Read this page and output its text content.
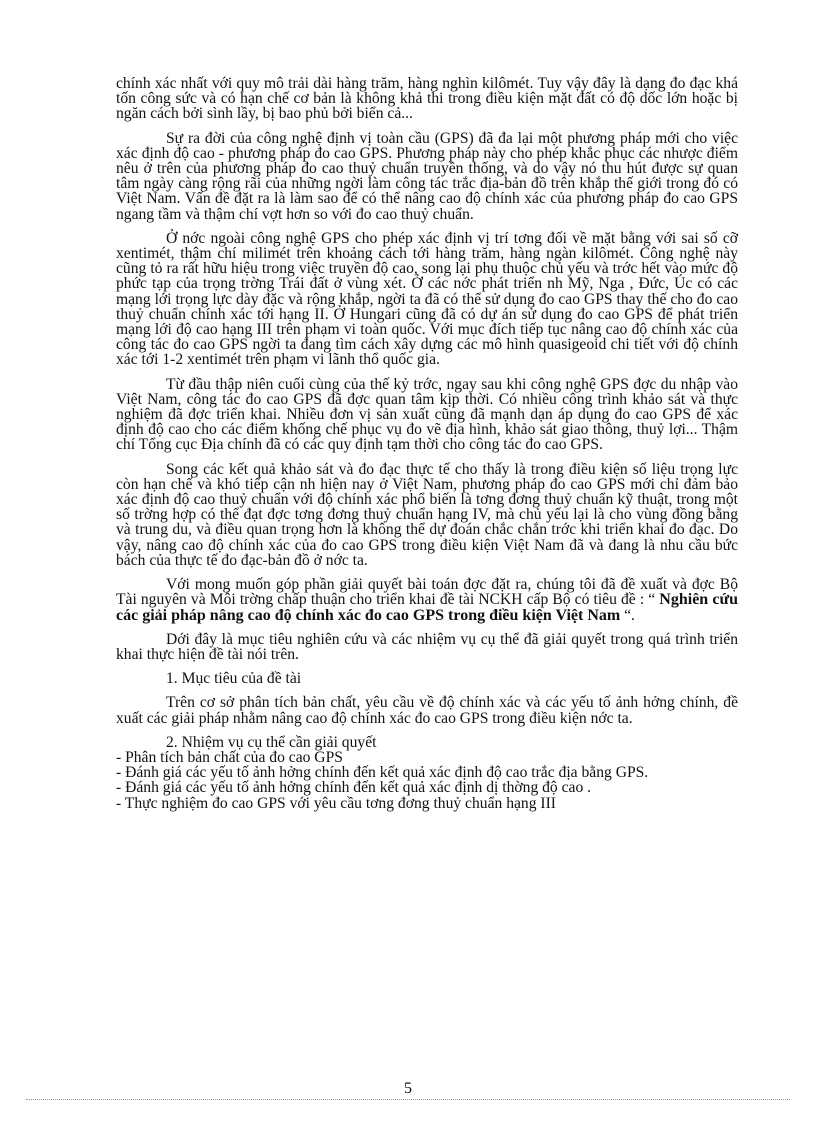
chính xác nhất với quy mô trải dài hàng trăm, hàng nghìn kilômét. Tuy vậy đây là dạng đo đạc khá tốn công sức và có hạn chế cơ bản là không khả thi trong điều kiện mặt đất có độ dốc lớn hoặc bị ngăn cách bởi sình lầy, bị bao phủ bởi biển cả...

Sự ra đời của công nghệ định vị toàn cầu (GPS) đã đa lại một phương pháp mới cho việc xác định độ cao - phương pháp đo cao GPS. Phương pháp này cho phép khắc phục các nhược điểm nêu ở trên của phương pháp đo cao thuỷ chuẩn truyền thống, và do vậy nó thu hút được sự quan tâm ngày càng rộng rãi của những ngời làm công tác trắc địa-bản đồ trên khắp thế giới trong đó có Việt Nam. Vấn đề đặt ra là làm sao để có thể nâng cao độ chính xác của phương pháp đo cao GPS ngang tầm và thậm chí vợt hơn so với đo cao thuỷ chuẩn.

Ở nớc ngoài công nghệ GPS cho phép xác định vị trí tơng đối về mặt bằng với sai số cỡ xentimét, thậm chí milimét trên khoảng cách tới hàng trăm, hàng ngàn kilômét. Công nghệ này cũng tỏ ra rất hữu hiệu trong việc truyền độ cao, song lại phụ thuộc chủ yếu và trớc hết vào mức độ phức tạp của trọng trờng Trái đất ở vùng xét. Ở các nớc phát triển nh Mỹ, Nga , Đức, Úc có các mạng lới trọng lực dày đặc và rộng khắp, ngời ta đã có thể sử dụng đo cao GPS thay thế cho đo cao thuỷ chuẩn chính xác tới hạng II. Ở Hungari cũng đã có dự án sử dụng đo cao GPS để phát triển mạng lới độ cao hạng III trên phạm vi toàn quốc. Với mục đích tiếp tục nâng cao độ chính xác của công tác đo cao GPS ngời ta đang tìm cách xây dựng các mô hình quasigeoid chi tiết với độ chính xác tới 1-2 xentimét trên phạm vi lãnh thổ quốc gia.

Từ đầu thập niên cuối cùng của thế kỷ trớc, ngay sau khi công nghệ GPS đợc du nhập vào Việt Nam, công tác đo cao GPS đã đợc quan tâm kịp thời. Có nhiều công trình khảo sát và thực nghiệm đã đợc triển khai. Nhiều đơn vị sản xuất cũng đã mạnh dạn áp dụng đo cao GPS để xác định độ cao cho các điểm khống chế phục vụ đo vẽ địa hình, khảo sát giao thông, thuỷ lợi... Thậm chí Tổng cục Địa chính đã có các quy định tạm thời cho công tác đo cao GPS.

Song các kết quả khảo sát và đo đạc thực tế cho thấy là trong điều kiện số liệu trọng lực còn hạn chế và khó tiếp cận nh hiện nay ở Việt Nam, phương pháp đo cao GPS mới chỉ đảm bảo xác định độ cao thuỷ chuẩn với độ chính xác phổ biến là tơng đơng thuỷ chuẩn kỹ thuật, trong một số trờng hợp có thể đạt đợc tơng đơng thuỷ chuẩn hạng IV, mà chủ yếu lại là cho vùng đồng bằng và trung du, và điều quan trọng hơn là không thể dự đoán chắc chắn trớc khi triển khai đo đạc. Do vậy, nâng cao độ chính xác của đo cao GPS trong điều kiện Việt Nam đã và đang là nhu cầu bức bách của thực tế đo đạc-bản đồ ở nớc ta.

Với mong muốn góp phần giải quyết bài toán đợc đặt ra, chúng tôi đã đề xuất và đợc Bộ Tài nguyên và Môi trờng chấp thuận cho triển khai đề tài NCKH cấp Bộ có tiêu đề : “ Nghiên cứu các giải pháp nâng cao độ chính xác đo cao GPS trong điều kiện Việt Nam “.

Dới đây là mục tiêu nghiên cứu và các nhiệm vụ cụ thể đã giải quyết trong quá trình triển khai thực hiện đề tài nói trên.

1. Mục tiêu của đề tài

Trên cơ sở phân tích bản chất, yêu cầu về độ chính xác và các yếu tố ảnh hởng chính, đề xuất các giải pháp nhằm nâng cao độ chính xác đo cao GPS trong điều kiện nớc ta.

2. Nhiệm vụ cụ thể cần giải quyết

- Phân tích bản chất của đo cao GPS

- Đánh giá các yếu tố ảnh hởng chính đến kết quả xác định độ cao trắc địa bằng GPS.

- Đánh giá các yếu tố ảnh hởng chính đến kết quả xác định dị thờng độ cao .

- Thực nghiệm đo cao GPS với yêu cầu tơng đơng thuỷ chuẩn hạng III

5
